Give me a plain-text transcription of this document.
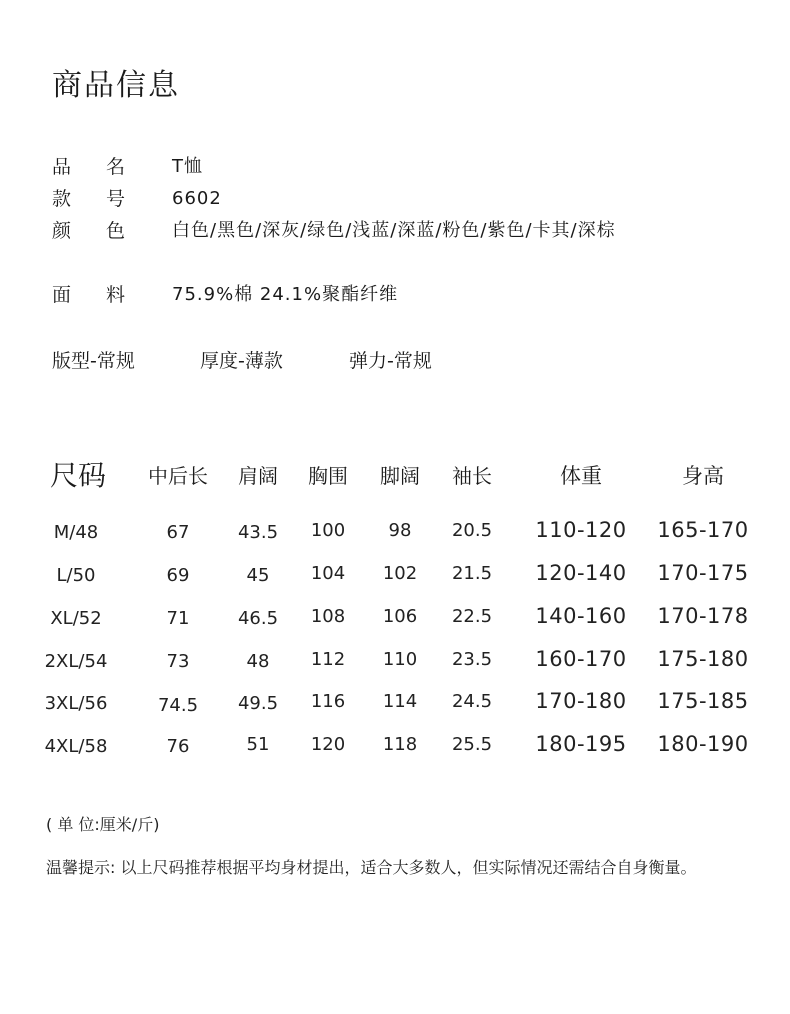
商品信息
品 名	T恤
款 号	6602
颜 色	白色/黑色/深灰/绿色/浅蓝/深蓝/粉色/紫色/卡其/深棕
面 料	75.9%棉 24.1%聚酯纤维
版型-常规	厚度-薄款	弹力-常规
尺码 中后长 肩阔 胸围 脚阔 袖长	体重	身高
M/48	67	43.5 100 98 20.5 110-120 165-170
L/50	69	45 104 102 21.5 120-140 170-175
XL/52	71	46.5 108 106 22.5 140-160 170-178
2XL/54	73	48 112 110 23.5 160-170 175-180
3XL/56	74.5 49.5 116 114 24.5 170-180 175-185
4XL/58	76	51 120 118 25.5 180-195 180-190
( 单 位:厘米/斤)
温馨提示: 以上尺码推荐根据平均身材提出，适合大多数人，但实际情况还需结合自身衡量。
